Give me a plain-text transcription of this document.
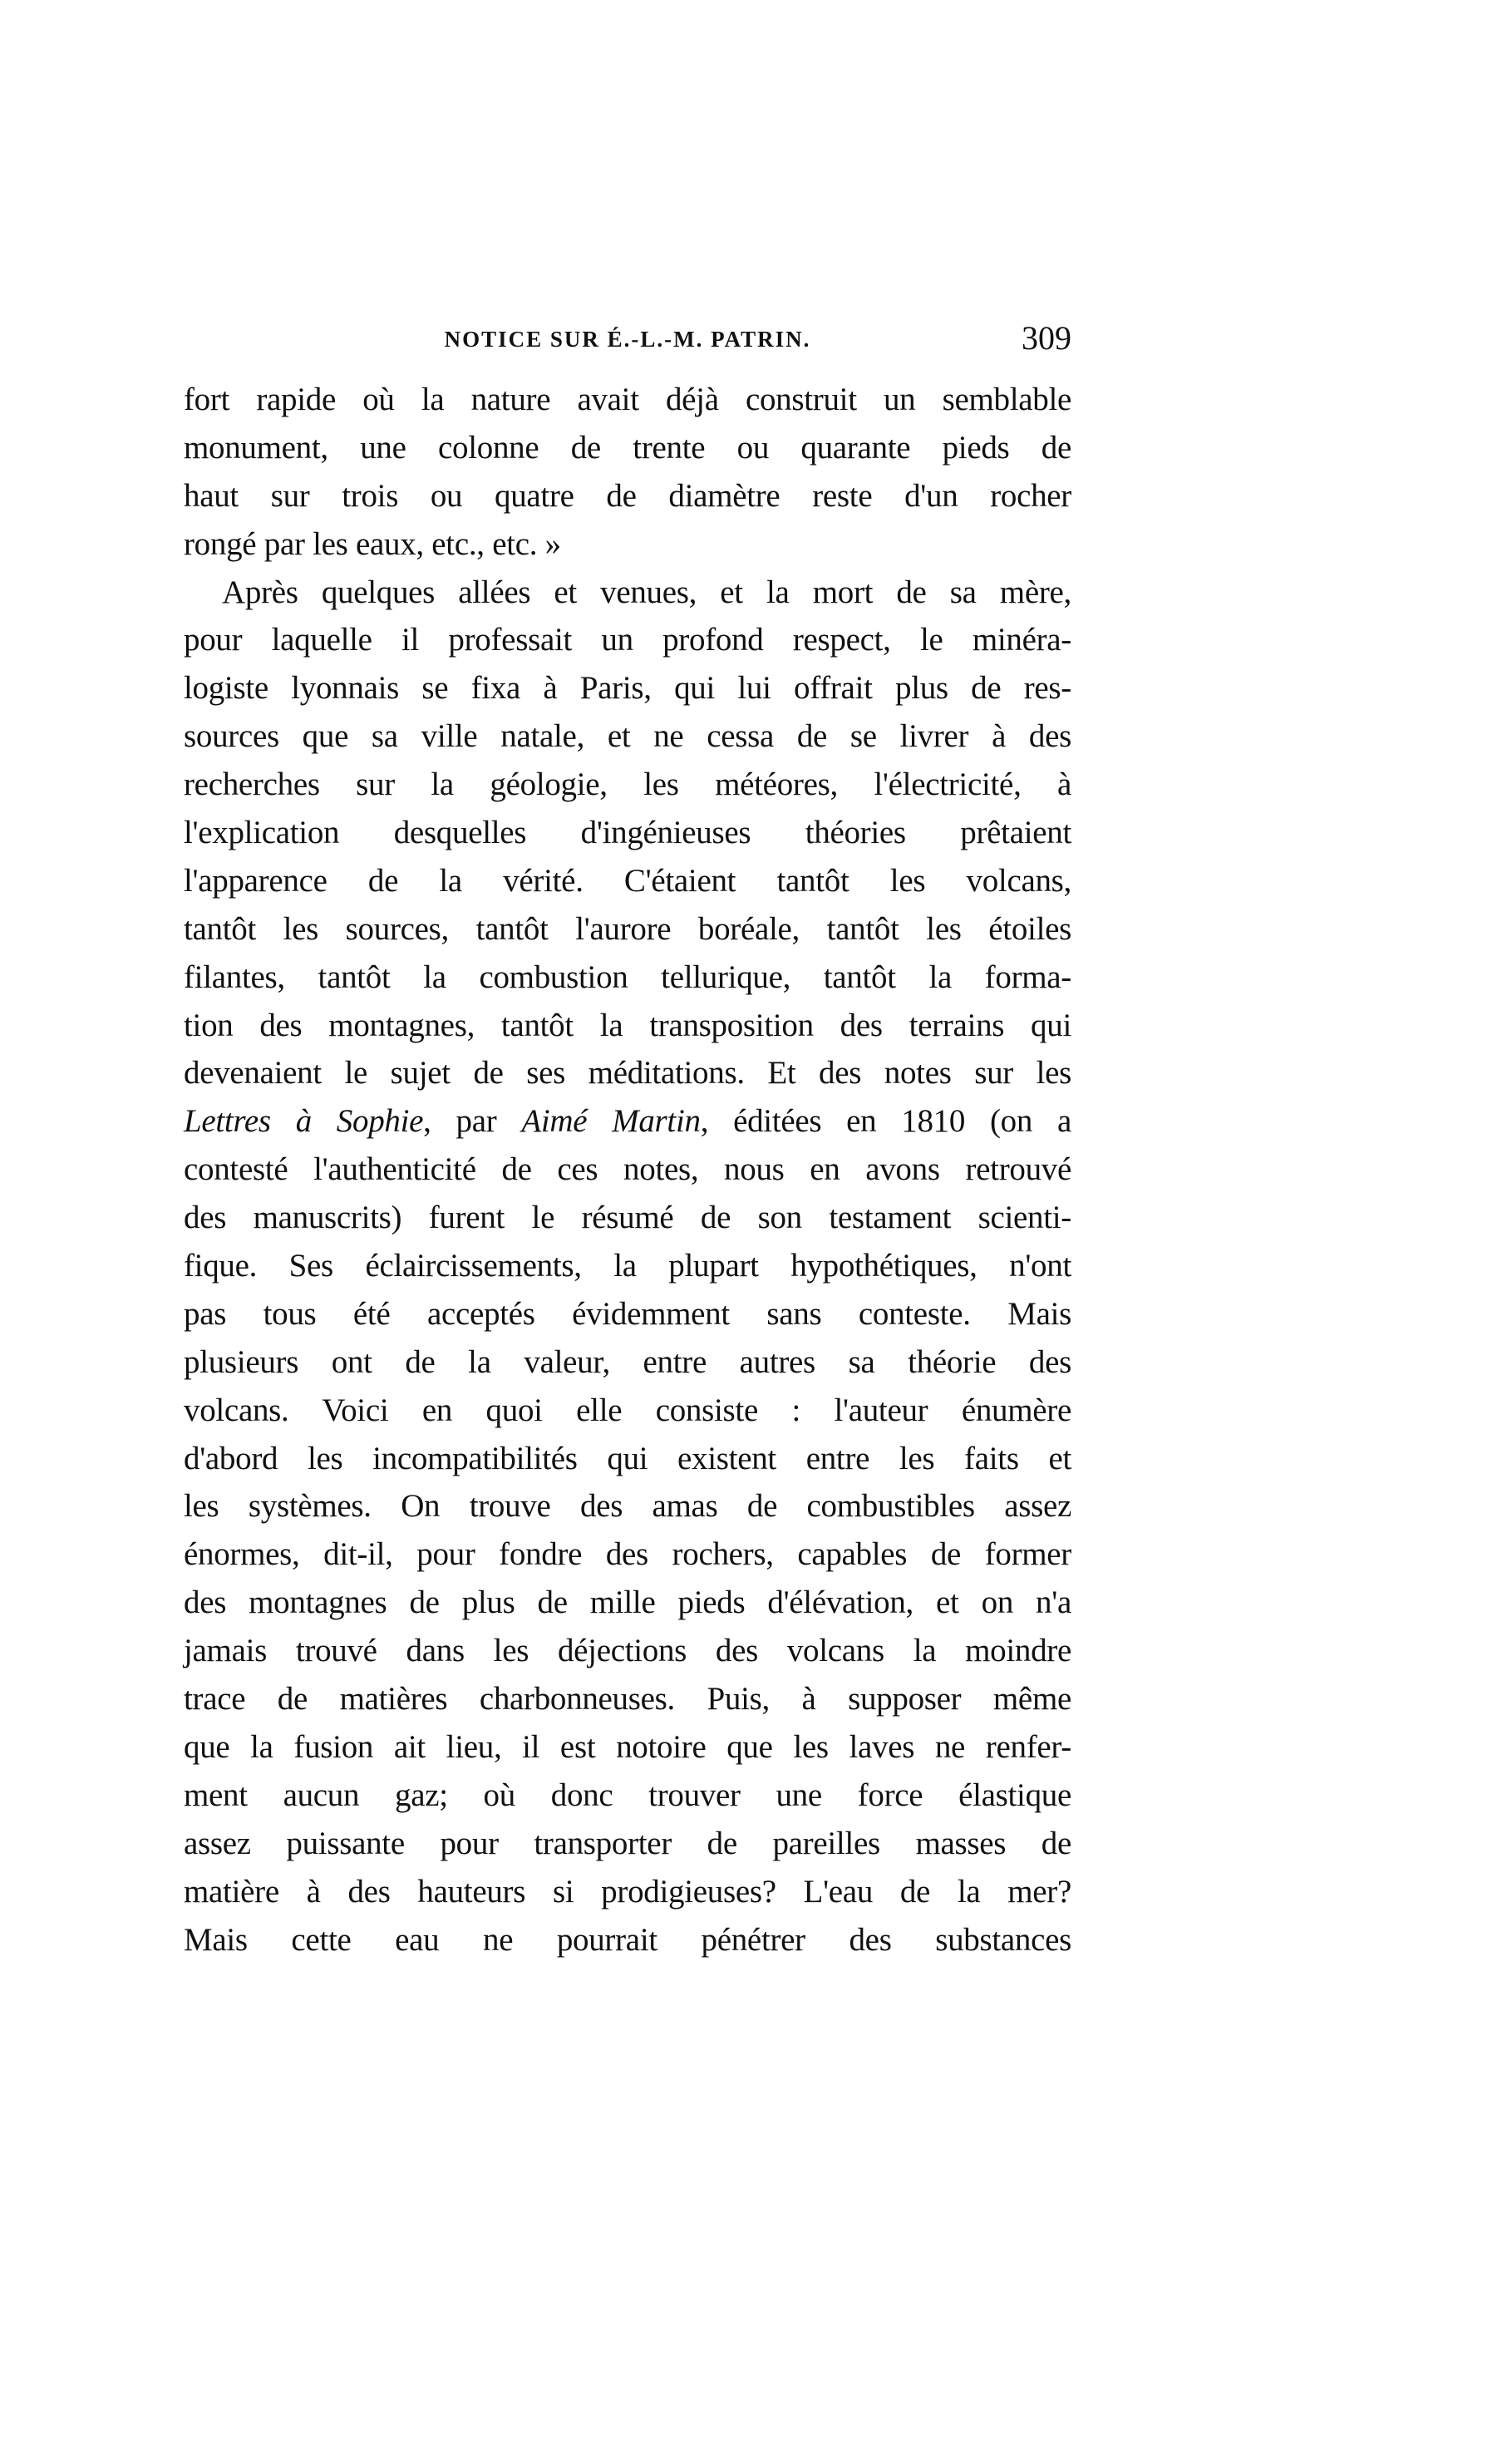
NOTICE SUR É.-L.-M. PATRIN.	309
fort rapide où la nature avait déjà construit un semblable
monument, une colonne de trente ou quarante pieds de
haut sur trois ou quatre de diamètre reste d'un rocher
rongé par les eaux, etc., etc. »
Après quelques allées et venues, et la mort de sa mère,
pour laquelle il professait un profond respect, le minéra-
logiste lyonnais se fixa à Paris, qui lui offrait plus de res-
sources que sa ville natale, et ne cessa de se livrer à des
recherches sur la géologie, les météores, l'électricité, à
l'explication desquelles d'ingénieuses théories prêtaient
l'apparence de la vérité. C'étaient tantôt les volcans,
tantôt les sources, tantôt l'aurore boréale, tantôt les étoiles
filantes, tantôt la combustion tellurique, tantôt la forma-
tion des montagnes, tantôt la transposition des terrains qui
devenaient le sujet de ses méditations. Et des notes sur les
Lettres à Sophie, par Aimé Martin, éditées en 1810 (on a
contesté l'authenticité de ces notes, nous en avons retrouvé
des manuscrits) furent le résumé de son testament scienti-
fique. Ses éclaircissements, la plupart hypothétiques, n'ont
pas tous été acceptés évidemment sans conteste. Mais
plusieurs ont de la valeur, entre autres sa théorie des
volcans. Voici en quoi elle consiste : l'auteur énumère
d'abord les incompatibilités qui existent entre les faits et
les systèmes. On trouve des amas de combustibles assez
énormes, dit-il, pour fondre des rochers, capables de former
des montagnes de plus de mille pieds d'élévation, et on n'a
jamais trouvé dans les déjections des volcans la moindre
trace de matières charbonneuses. Puis, à supposer même
que la fusion ait lieu, il est notoire que les laves ne renfer-
ment aucun gaz; où donc trouver une force élastique
assez puissante pour transporter de pareilles masses de
matière à des hauteurs si prodigieuses? L'eau de la mer?
Mais cette eau ne pourrait pénétrer des substances
